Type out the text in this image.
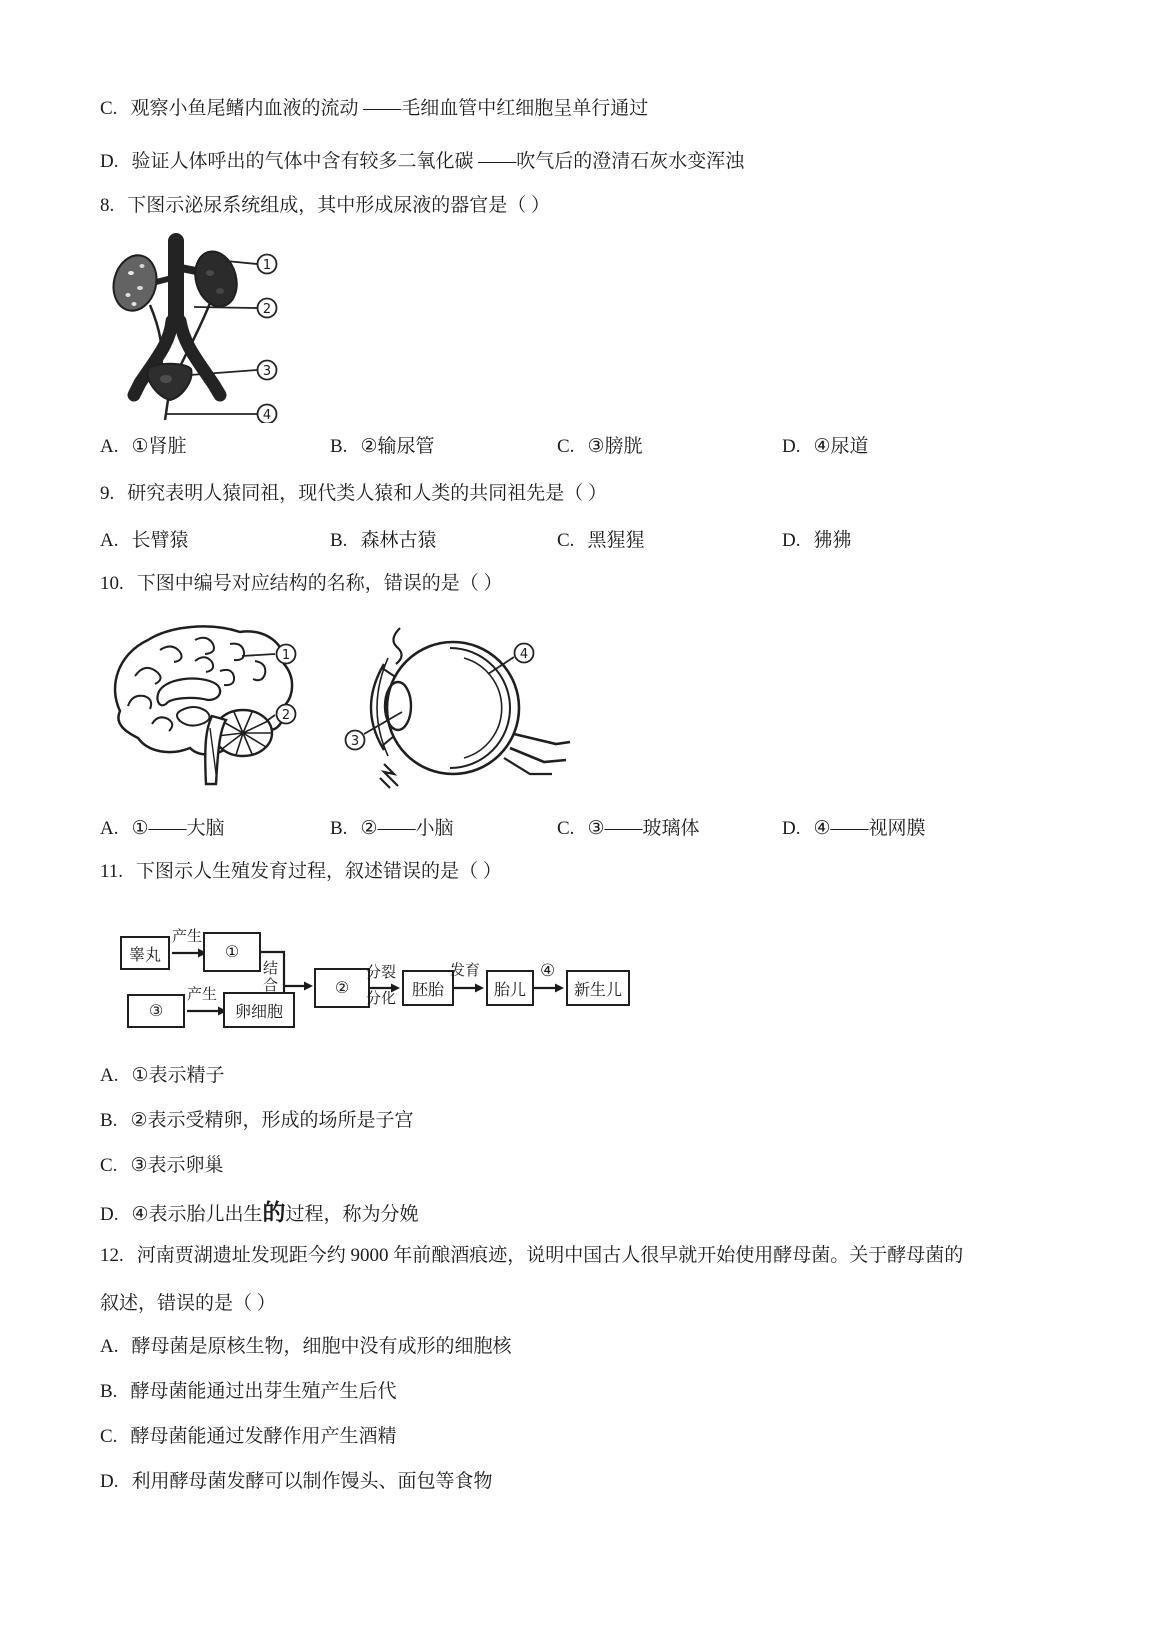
C. 观察小鱼尾鳍内血液的流动 ——毛细血管中红细胞呈单行通过
D. 验证人体呼出的气体中含有较多二氧化碳 ——吹气后的澄清石灰水变浑浊
8. 下图示泌尿系统组成，其中形成尿液的器官是（ ）
1
2
3
4
A. ①肾脏	B. ②输尿管	C. ③膀胱	D. ④尿道
9. 研究表明人猿同祖，现代类人猿和人类的共同祖先是（ ）
A. 长臂猿	B. 森林古猿	C. 黑猩猩	D. 狒狒
10. 下图中编号对应结构的名称，错误的是（ ）
1
2
3
4
A. ①——大脑	B. ②——小脑	C. ③——玻璃体	D. ④——视网膜
11. 下图示人生殖发育过程，叙述错误的是（ ）
睾丸
产生
①
③
产生
卵细胞
结合	②
分裂
分化
胚胎
发育
胎儿
④
新生儿
A. ①表示精子
B. ②表示受精卵，形成的场所是子宫
C. ③表示卵巢
D. ④表示胎儿出生 的 过程，称为分娩
12. 河南贾湖遗址发现距今约 9000 年前酿酒痕迹，说明中国古人很早就开始使用酵母菌。关于酵母菌的
叙述，错误的是（ ）
A. 酵母菌是原核生物，细胞中没有成形的细胞核
B. 酵母菌能通过出芽生殖产生后代
C. 酵母菌能通过发酵作用产生酒精
D. 利用酵母菌发酵可以制作馒头、面包等食物
